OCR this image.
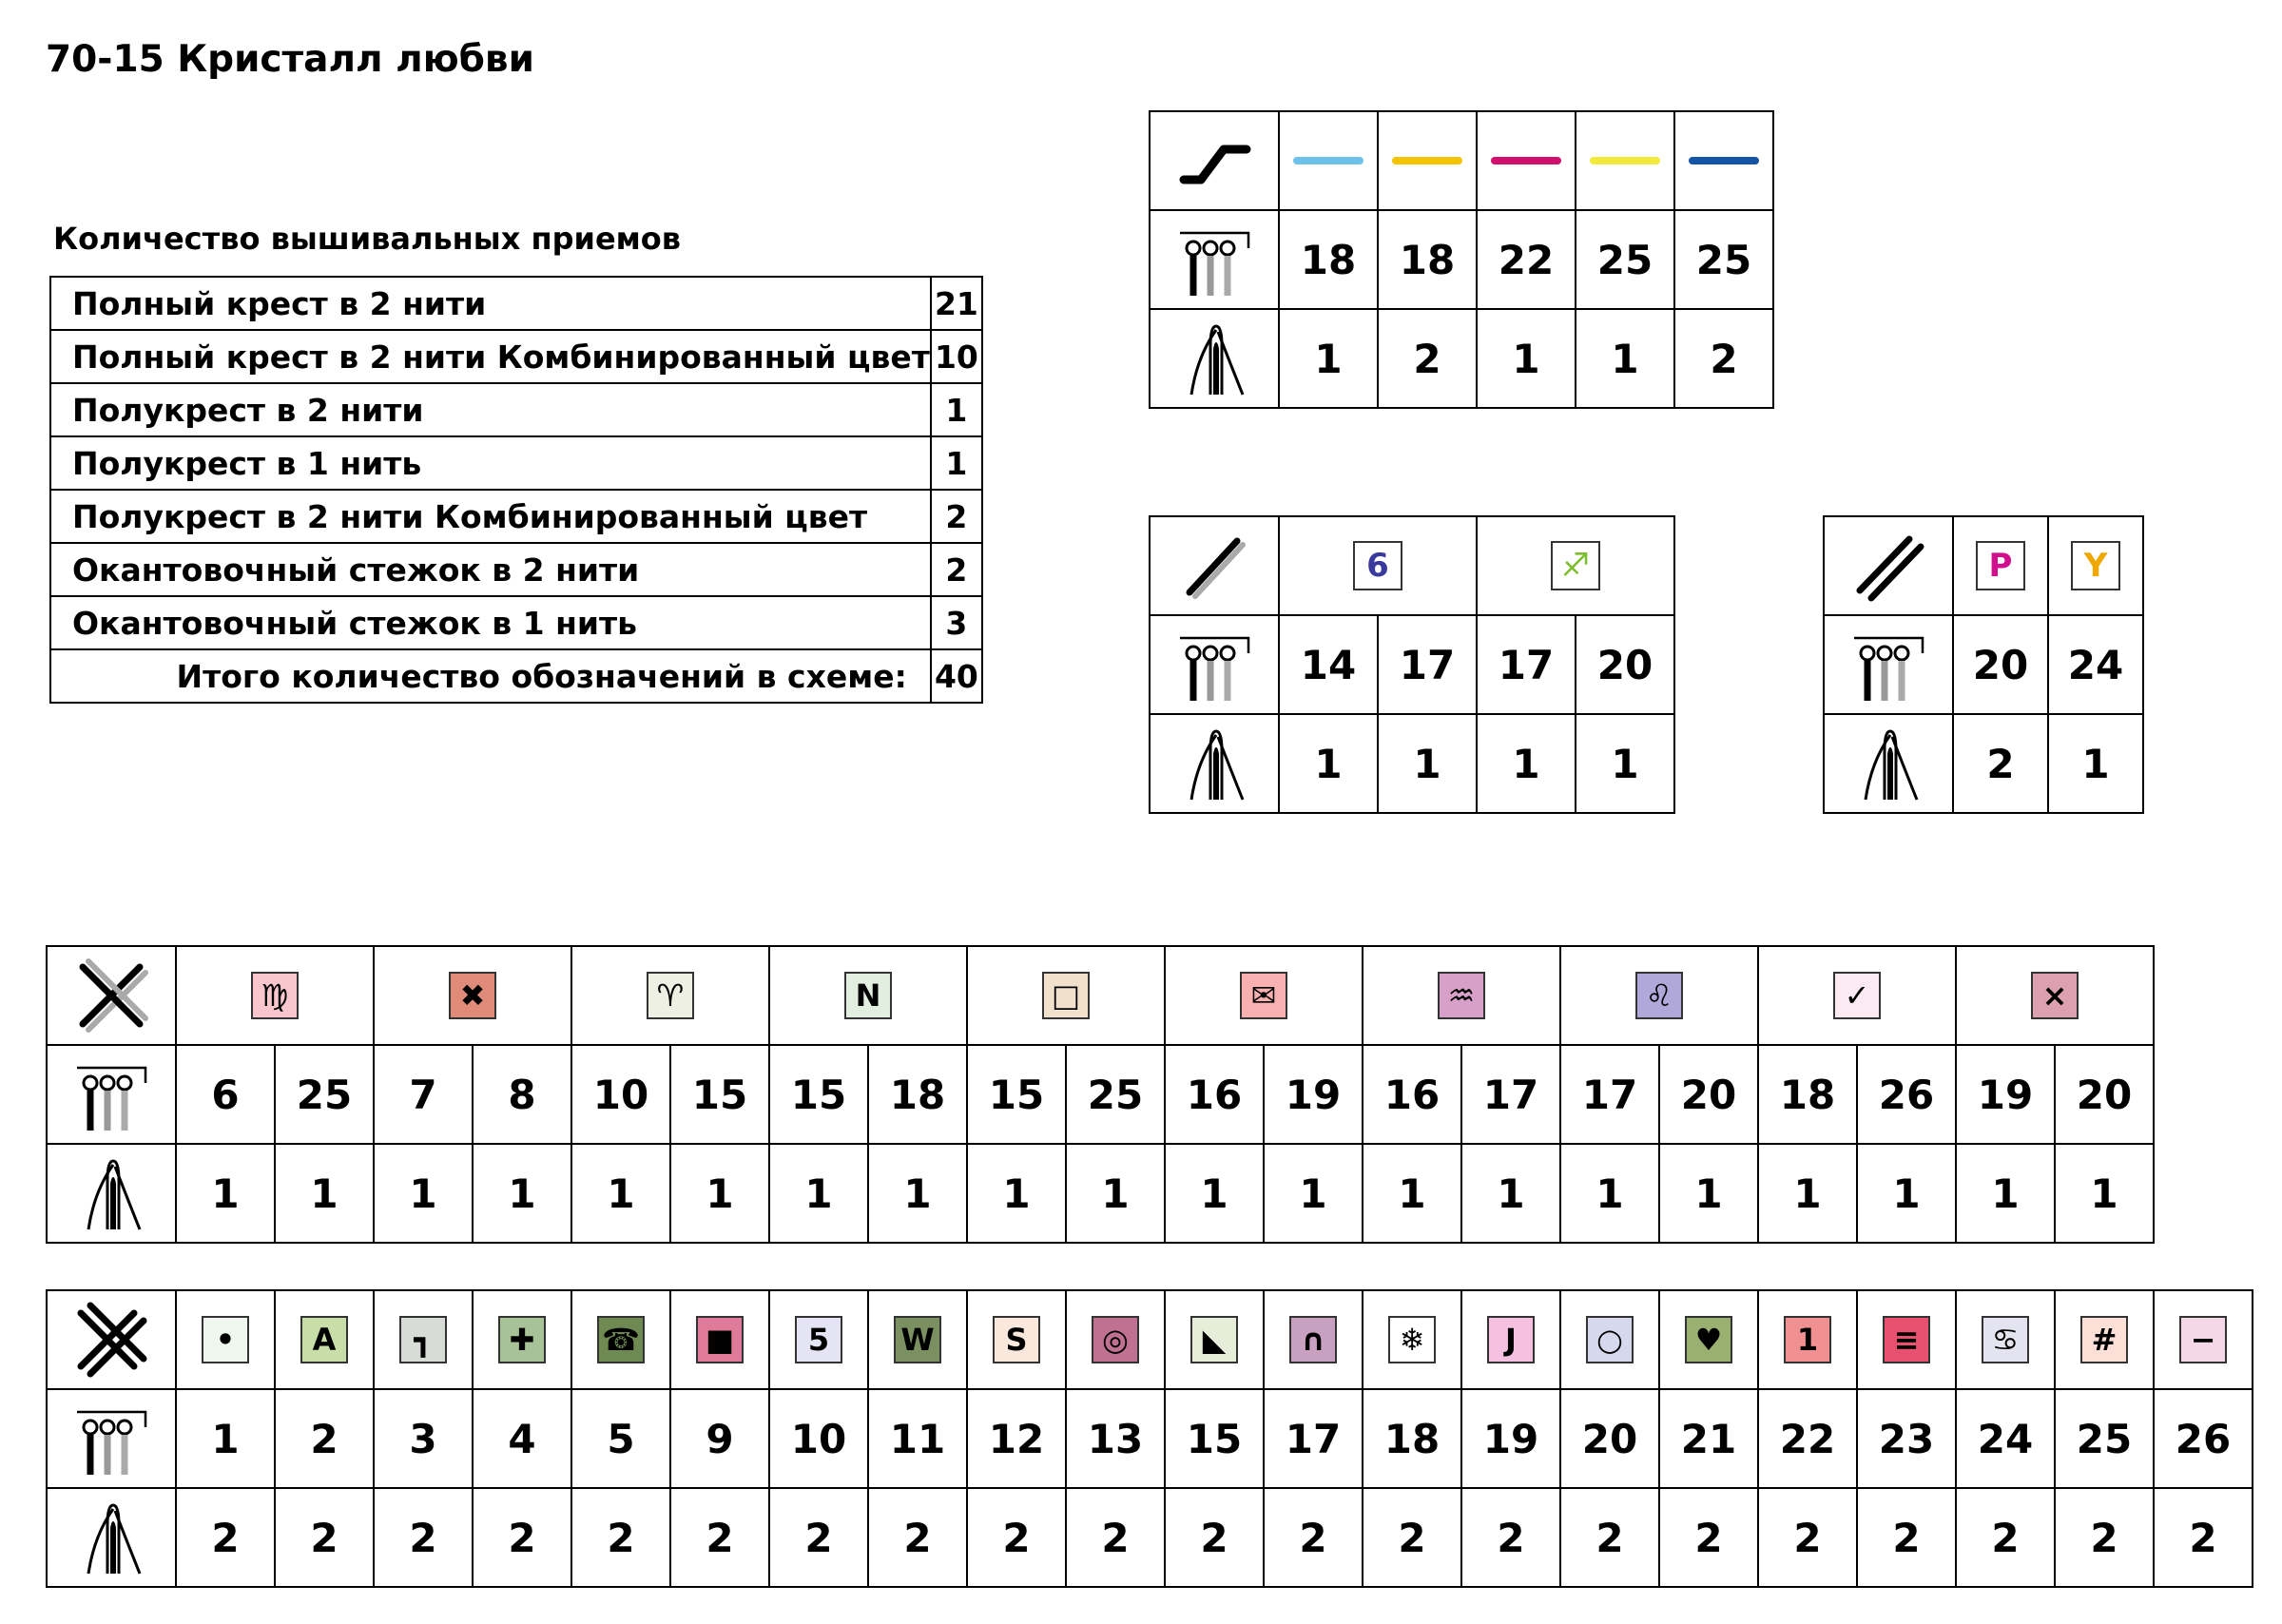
70-15 Кристалл любви
Количество вышивальных приемов
Полный крест в 2 нити	21
Полный крест в 2 нити Комбинированный цвет	10
Полукрест в 2 нити	1
Полукрест в 1 нить	1
Полукрест в 2 нити Комбинированный цвет	2
Окантовочный стежок в 2 нити	2
Окантовочный стежок в 1 нить	3
Итого количество обозначений в схеме:	40
18	18	22	25	25
1	2	1	1	2
6	♐
14	17	17	20
1	1	1	1
P	Y
20 24
2	1
♍	✖	♈	N	□	✉	♒	♌	✓	×
6	25	7	8	10	15	15	18	15	25	16	19	16	17	17	20	18	26	19	20
1	1	1	1	1	1	1	1	1	1	1	1	1	1	1	1	1	1	1	1
•	A	┓	✚	☎	■	5	W	S	◎	◣	∩	❄	J	○	♥	1	≡	♋	#	−
1	2	3	4	5	9	10	11	12	13	15	17	18	19	20	21	22	23	24	25	26
2	2	2	2	2	2	2	2	2	2	2	2	2	2	2	2	2	2	2	2	2
